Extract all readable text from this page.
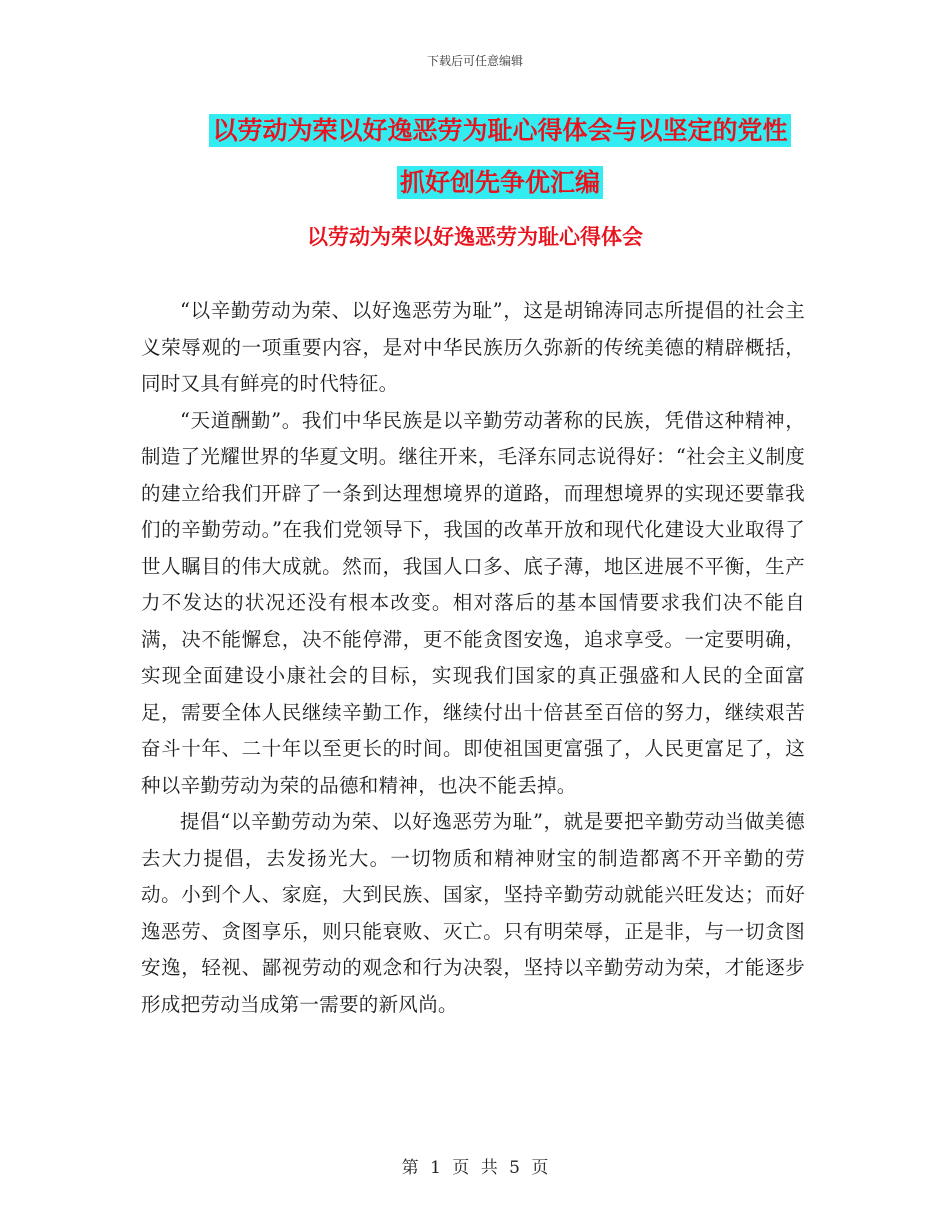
下载后可任意编辑
以劳动为荣以好逸恶劳为耻心得体会与以坚定的党性
抓好创先争优汇编
以劳动为荣以好逸恶劳为耻心得体会

“以辛勤劳动为荣、以好逸恶劳为耻”，这是胡锦涛同志所提倡的社会主义荣辱观的一项重要内容，是对中华民族历久弥新的传统美德的精辟概括，同时又具有鲜亮的时代特征。

“天道酬勤”。我们中华民族是以辛勤劳动著称的民族，凭借这种精神，制造了光耀世界的华夏文明。继往开来，毛泽东同志说得好：“社会主义制度的建立给我们开辟了一条到达理想境界的道路，而理想境界的实现还要靠我们的辛勤劳动。”在我们党领导下，我国的改革开放和现代化建设大业取得了世人瞩目的伟大成就。然而，我国人口多、底子薄，地区进展不平衡，生产力不发达的状况还没有根本改变。相对落后的基本国情要求我们决不能自满，决不能懈怠，决不能停滞，更不能贪图安逸，追求享受。一定要明确，实现全面建设小康社会的目标，实现我们国家的真正强盛和人民的全面富足，需要全体人民继续辛勤工作，继续付出十倍甚至百倍的努力，继续艰苦奋斗十年、二十年以至更长的时间。即使祖国更富强了，人民更富足了，这种以辛勤劳动为荣的品德和精神，也决不能丢掉。

提倡“以辛勤劳动为荣、以好逸恶劳为耻”，就是要把辛勤劳动当做美德去大力提倡，去发扬光大。一切物质和精神财宝的制造都离不开辛勤的劳动。小到个人、家庭，大到民族、国家，坚持辛勤劳动就能兴旺发达；而好逸恶劳、贪图享乐，则只能衰败、灭亡。只有明荣辱，正是非，与一切贪图安逸，轻视、鄙视劳动的观念和行为决裂，坚持以辛勤劳动为荣，才能逐步形成把劳动当成第一需要的新风尚。

第 1 页 共 5 页
